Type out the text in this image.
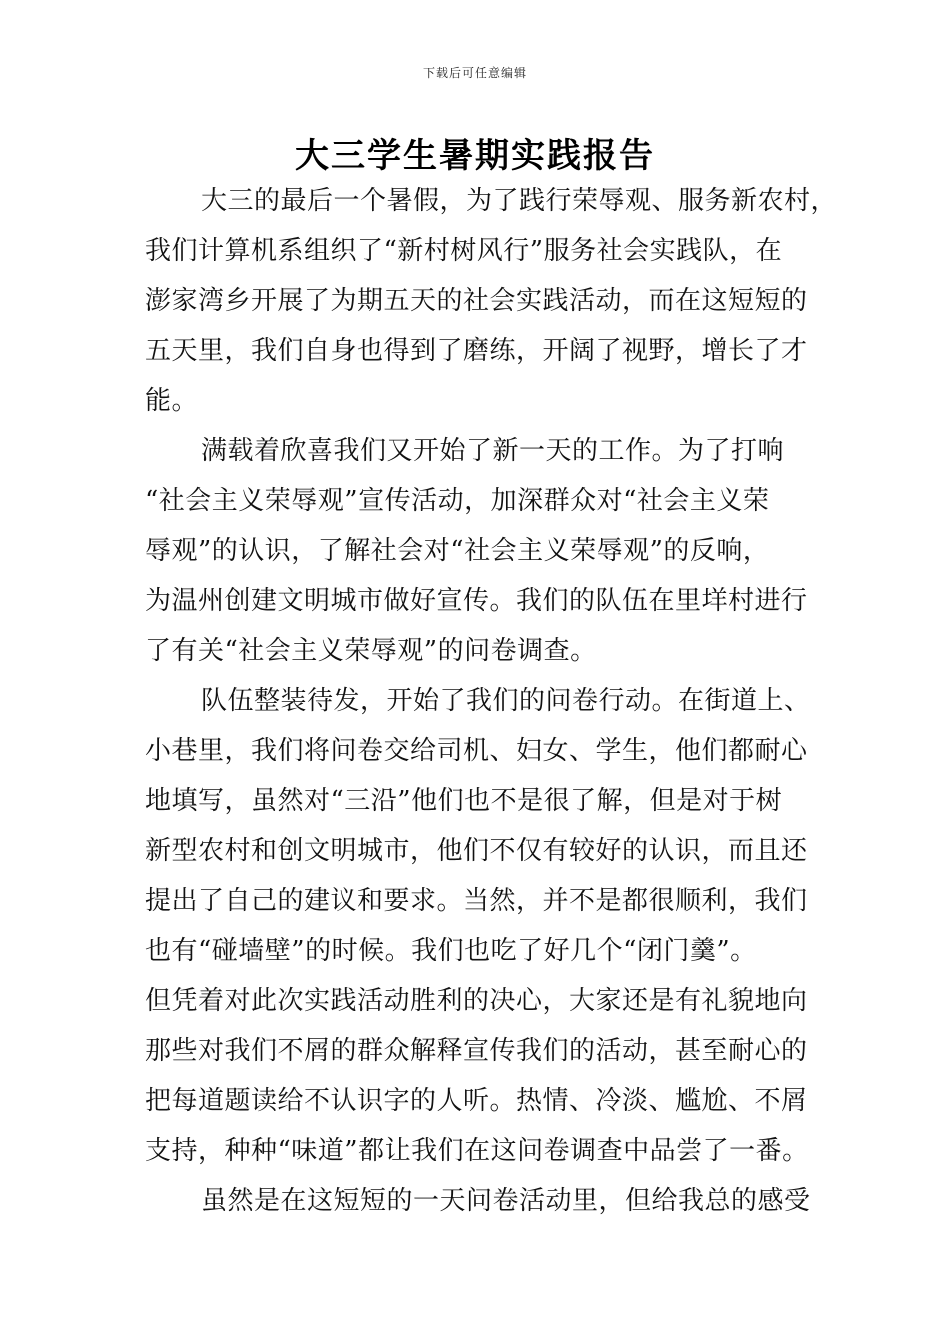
下载后可任意编辑
大三学生暑期实践报告
大三的最后一个暑假，为了践行荣辱观、服务新农村，
我们计算机系组织了“新村树风行”服务社会实践队，在
澎家湾乡开展了为期五天的社会实践活动，而在这短短的
五天里，我们自身也得到了磨练，开阔了视野，增长了才
能。
满载着欣喜我们又开始了新一天的工作。为了打响
“社会主义荣辱观”宣传活动，加深群众对“社会主义荣
辱观”的认识，了解社会对“社会主义荣辱观”的反响，
为温州创建文明城市做好宣传。我们的队伍在里垟村进行
了有关“社会主义荣辱观”的问卷调查。
队伍整装待发，开始了我们的问卷行动。在街道上、
小巷里，我们将问卷交给司机、妇女、学生，他们都耐心
地填写，虽然对“三沿”他们也不是很了解，但是对于树
新型农村和创文明城市，他们不仅有较好的认识，而且还
提出了自己的建议和要求。当然，并不是都很顺利，我们
也有“碰墙壁”的时候。我们也吃了好几个“闭门羹”。
但凭着对此次实践活动胜利的决心，大家还是有礼貌地向
那些对我们不屑的群众解释宣传我们的活动，甚至耐心的
把每道题读给不认识字的人听。热情、冷淡、尴尬、不屑
支持，种种“味道”都让我们在这问卷调查中品尝了一番。
虽然是在这短短的一天问卷活动里，但给我总的感受
